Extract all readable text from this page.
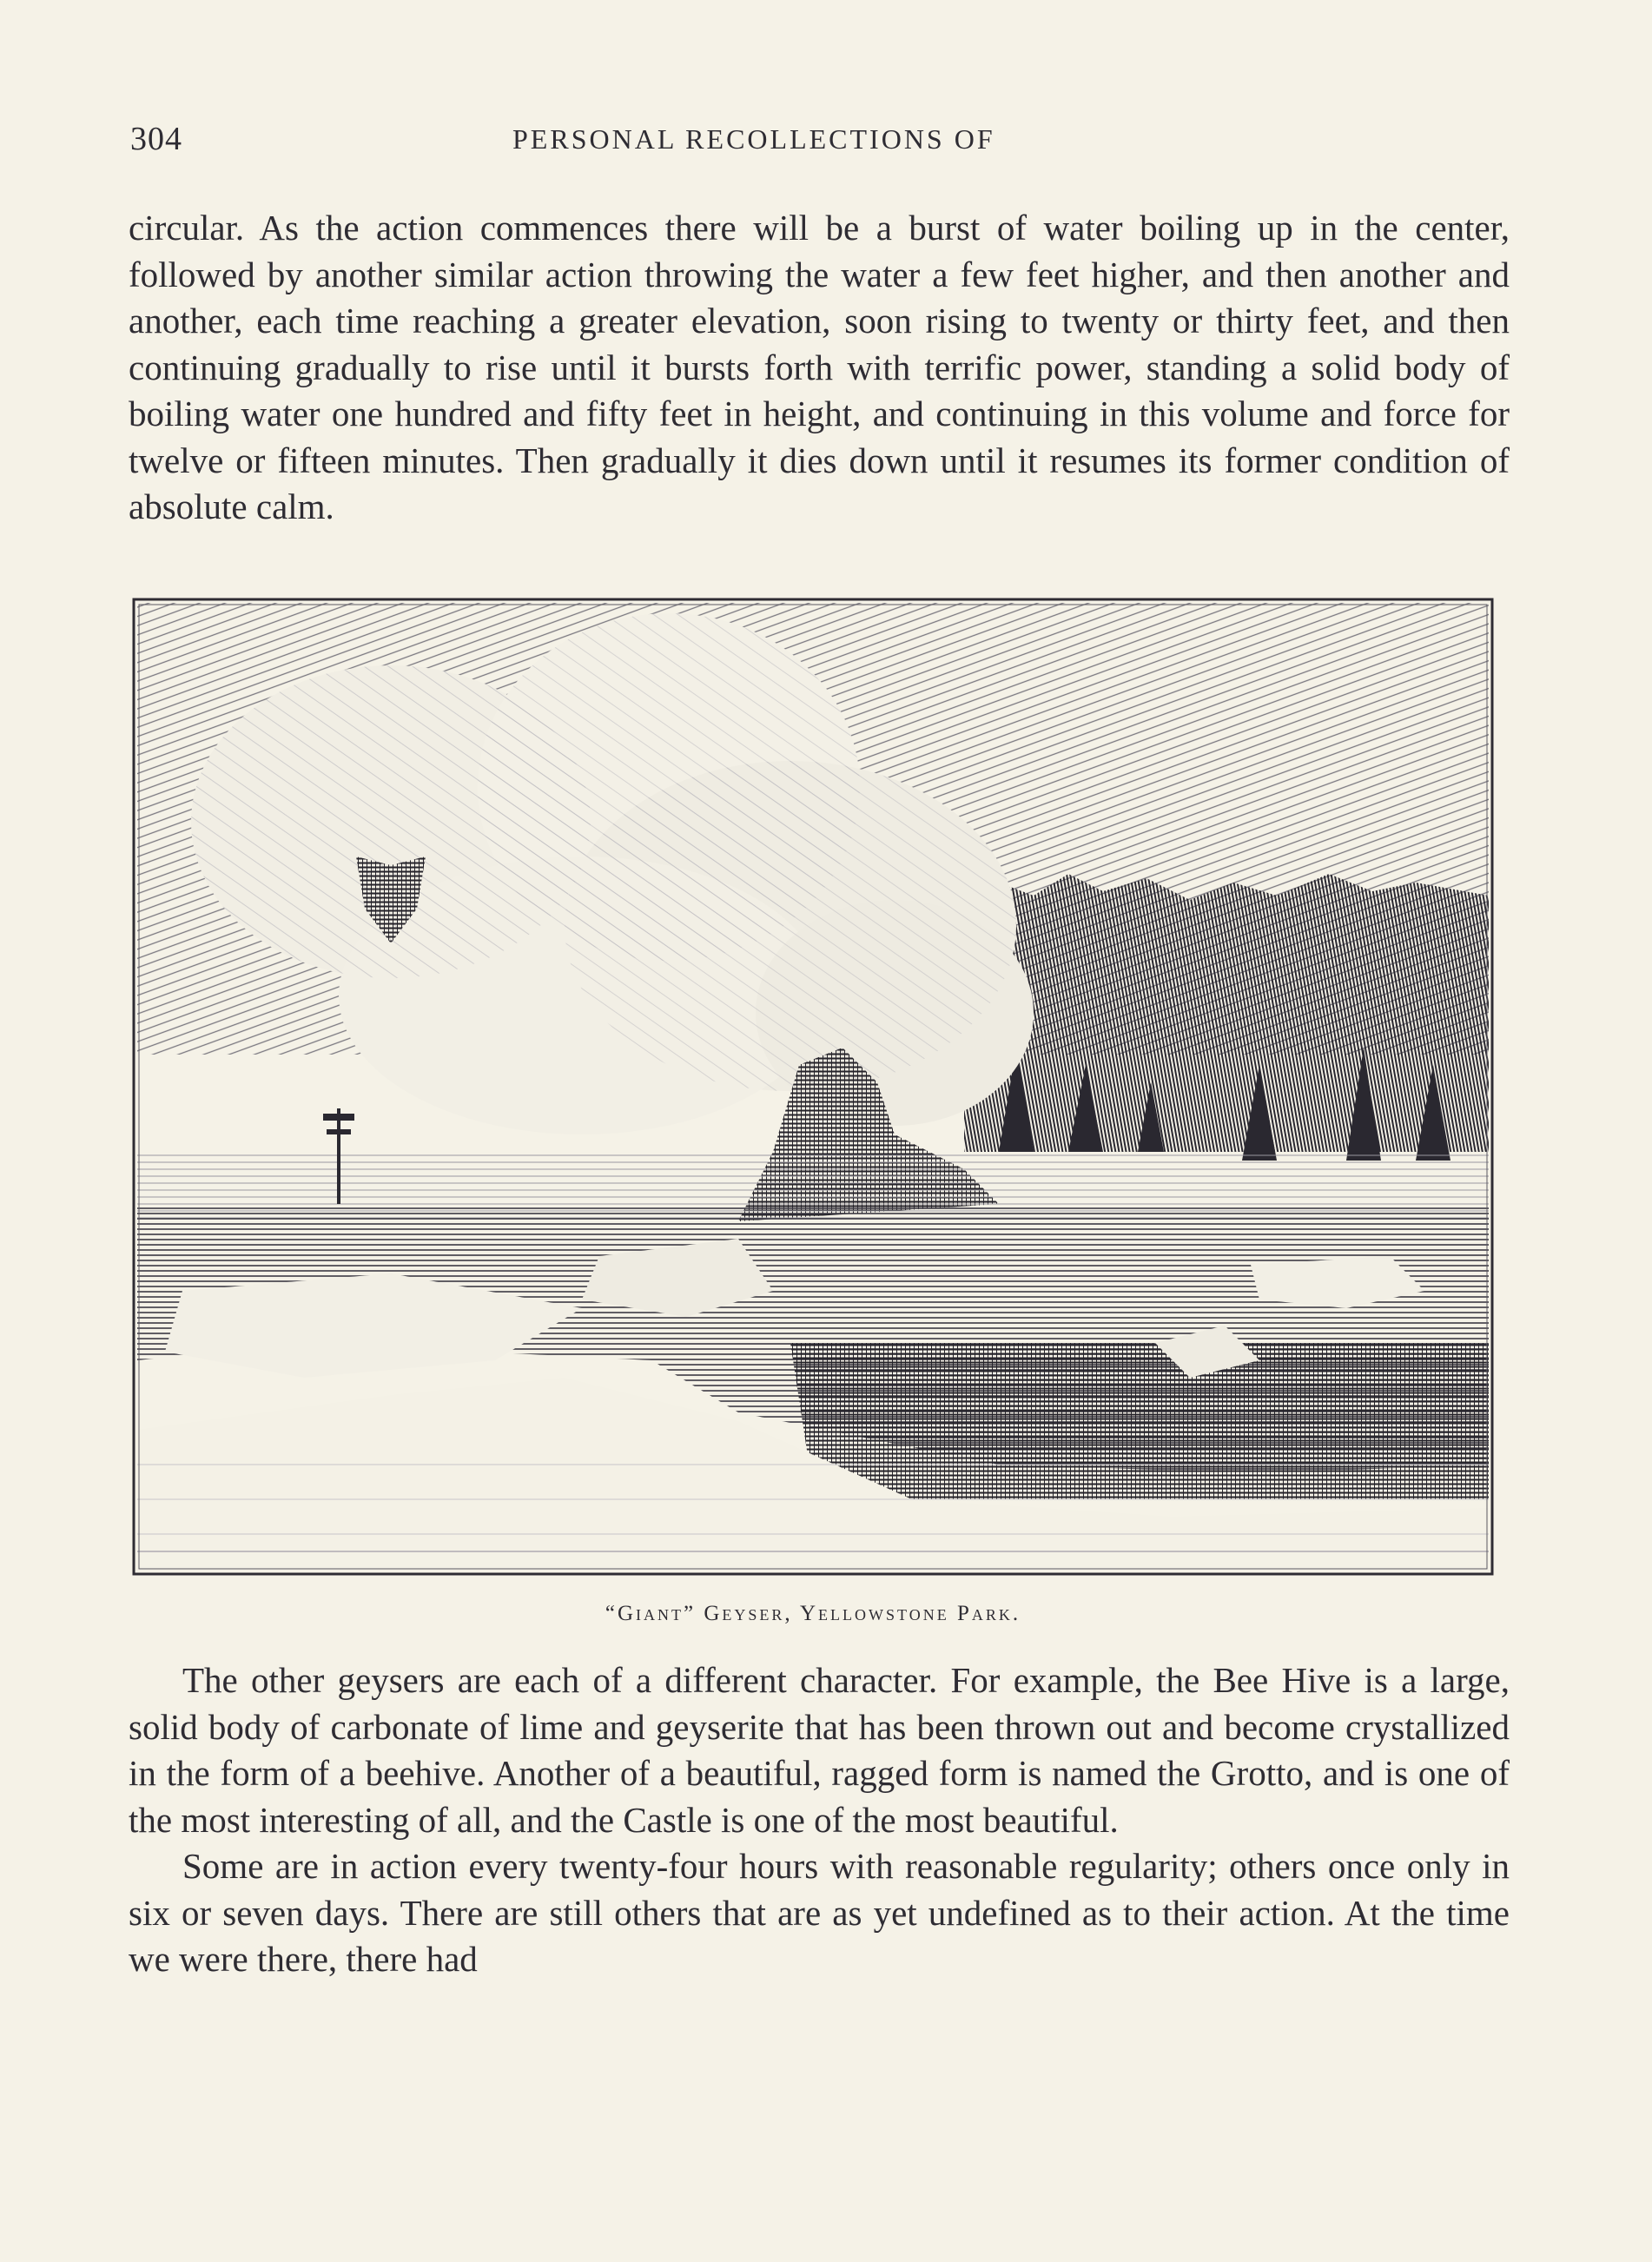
304	PERSONAL RECOLLECTIONS OF

circular. As the action commences there will be a burst of water boiling up in the center, followed by another similar action throwing the water a few feet higher, and then another and another, each time reaching a greater elevation, soon rising to twenty or thirty feet, and then continuing gradually to rise until it bursts forth with terrific power, standing a solid body of boiling water one hundred and fifty feet in height, and continuing in this volume and force for twelve or fifteen minutes. Then gradually it dies down until it resumes its former condition of absolute calm.

“Giant” Geyser, Yellowstone Park.

The other geysers are each of a different character. For example, the Bee Hive is a large, solid body of carbonate of lime and geyserite that has been thrown out and become crystallized in the form of a beehive. Another of a beautiful, ragged form is named the Grotto, and is one of the most interesting of all, and the Castle is one of the most beautiful.

Some are in action every twenty-four hours with reasonable regularity; others once only in six or seven days. There are still others that are as yet undefined as to their action. At the time we were there, there had
